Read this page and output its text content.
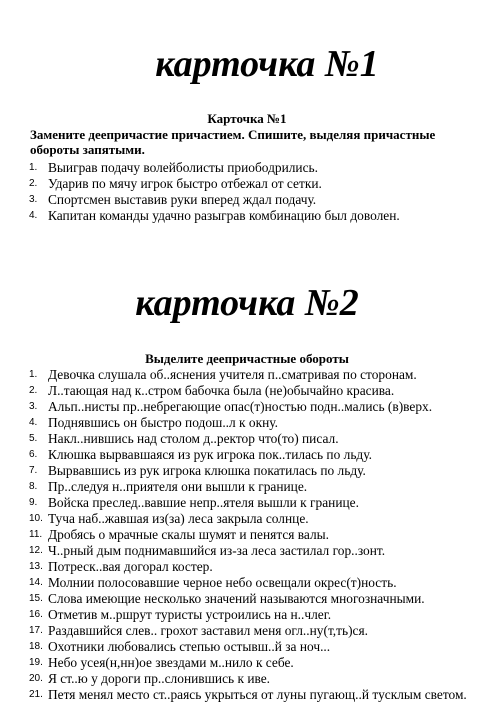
карточка №1
Карточка №1
Замените деепричастие причастием. Спишите, выделяя причастные обороты запятыми.
1. Выиграв подачу волейболисты приободрились.
2. Ударив по мячу игрок быстро отбежал от сетки.
3. Спортсмен выставив руки вперед ждал подачу.
4. Капитан команды удачно разыграв комбинацию был доволен.
карточка №2
Выделите деепричастные обороты
1. Девочка слушала об..яснения учителя п..сматривая по сторонам.
2. Л..тающая над к..стром бабочка была (не)обычайно красива.
3. Альп..нисты пр..небрегающие опас(т)ностью подн..мались (в)верх.
4. Поднявшись он быстро подош..л к окну.
5. Накл..нившись над столом д..ректор что(то) писал.
6. Клюшка вырвавшаяся из рук игрока пок..тилась по льду.
7. Вырвавшись из рук игрока клюшка покатилась по льду.
8. Пр..следуя н..приятеля они вышли к границе.
9. Войска преслед..вавшие непр..ятеля вышли к границе.
10. Туча наб..жавшая из(за) леса закрыла солнце.
11. Дробясь о мрачные скалы шумят и пенятся валы.
12. Ч..рный дым поднимавшийся из-за леса застилал гор..зонт.
13. Потреск..вая догорал костер.
14. Молнии полосовавшие черное небо освещали окрес(т)ность.
15. Слова имеющие несколько значений называются многозначными.
16. Отметив м..ршрут туристы устроились на н..члег.
17. Раздавшийся слев.. грохот заставил меня огл..ну(т,ть)ся.
18. Охотники любовались степью остывш..й за ноч...
19. Небо усея(н,нн)ое звездами м..нило к себе.
20. Я ст..ю у дороги пр..слонившись к иве.
21. Петя менял место ст..раясь укрыться от луны пугающ..й тусклым светом.
